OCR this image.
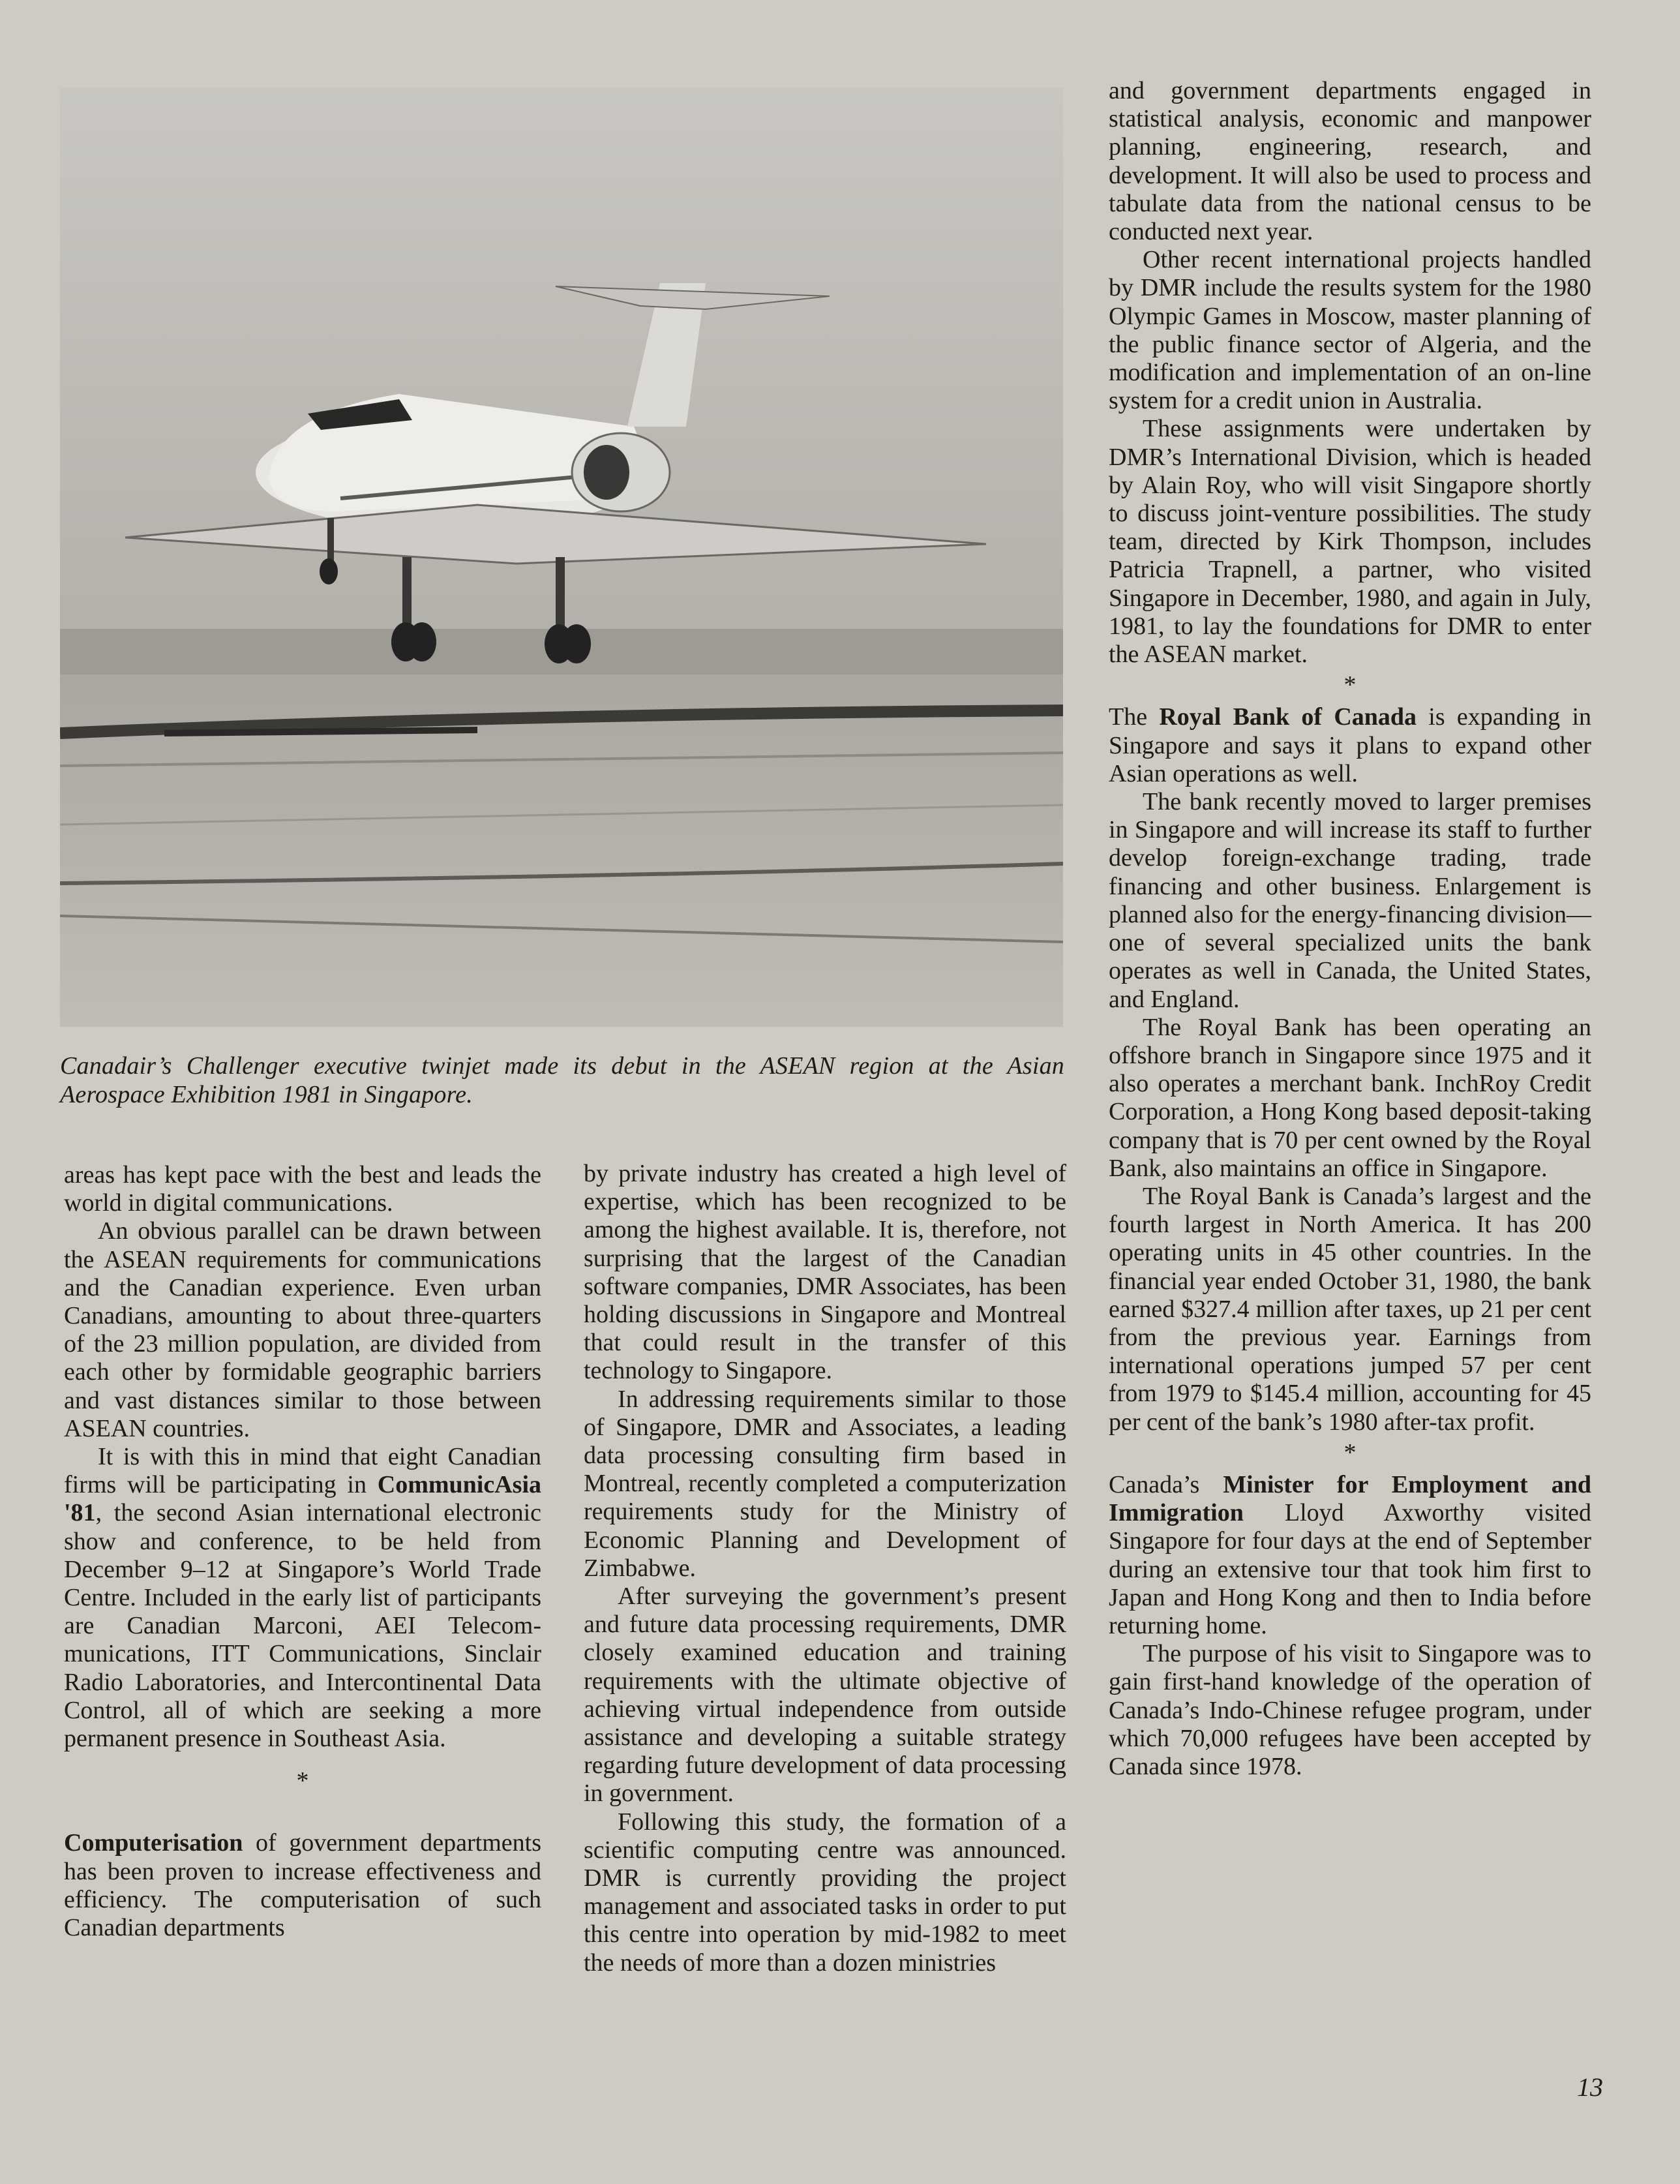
Canadair’s Challenger executive twinjet made its debut in the ASEAN region at the Asian Aerospace Exhibition 1981 in Singapore.

areas has kept pace with the best and leads the world in digital communications.

An obvious parallel can be drawn between the ASEAN requirements for communications and the Canadian experience. Even urban Canadians, amounting to about three-quarters of the 23 million population, are divided from each other by formidable geographic barriers and vast distances similar to those between ASEAN countries.

It is with this in mind that eight Canadian firms will be participating in CommunicAsia '81, the second Asian international electronic show and conference, to be held from December 9–12 at Singapore’s World Trade Centre. Included in the early list of participants are Canadian Marconi, AEI Telecommunications, ITT Communications, Sinclair Radio Laboratories, and Intercontinental Data Control, all of which are seeking a more permanent presence in Southeast Asia.

*

Computerisation of government departments has been proven to increase effectiveness and efficiency. The computerisation of such Canadian departments

by private industry has created a high level of expertise, which has been recognized to be among the highest available. It is, therefore, not surprising that the largest of the Canadian software companies, DMR Associates, has been holding discussions in Singapore and Montreal that could result in the transfer of this technology to Singapore.

In addressing requirements similar to those of Singapore, DMR and Associates, a leading data processing consulting firm based in Montreal, recently completed a computerization requirements study for the Ministry of Economic Planning and Development of Zimbabwe.

After surveying the government’s present and future data processing requirements, DMR closely examined education and training requirements with the ultimate objective of achieving virtual independence from outside assistance and developing a suitable strategy regarding future development of data processing in government.

Following this study, the formation of a scientific computing centre was announced. DMR is currently providing the project management and associated tasks in order to put this centre into operation by mid-1982 to meet the needs of more than a dozen ministries

and government departments engaged in statistical analysis, economic and manpower planning, engineering, research, and development. It will also be used to process and tabulate data from the national census to be conducted next year.

Other recent international projects handled by DMR include the results system for the 1980 Olympic Games in Moscow, master planning of the public finance sector of Algeria, and the modification and implementation of an on-line system for a credit union in Australia.

These assignments were undertaken by DMR’s International Division, which is headed by Alain Roy, who will visit Singapore shortly to discuss joint-venture possibilities. The study team, directed by Kirk Thompson, includes Patricia Trapnell, a partner, who visited Singapore in December, 1980, and again in July, 1981, to lay the foundations for DMR to enter the ASEAN market.

*

The Royal Bank of Canada is expanding in Singapore and says it plans to expand other Asian operations as well.

The bank recently moved to larger premises in Singapore and will increase its staff to further develop foreign-exchange trading, trade financing and other business. Enlargement is planned also for the energy-financing division— one of several specialized units the bank operates as well in Canada, the United States, and England.

The Royal Bank has been operating an offshore branch in Singapore since 1975 and it also operates a merchant bank. InchRoy Credit Corporation, a Hong Kong based deposit-taking company that is 70 per cent owned by the Royal Bank, also maintains an office in Singapore.

The Royal Bank is Canada’s largest and the fourth largest in North America. It has 200 operating units in 45 other countries. In the financial year ended October 31, 1980, the bank earned $327.4 million after taxes, up 21 per cent from the previous year. Earnings from international operations jumped 57 per cent from 1979 to $145.4 million, accounting for 45 per cent of the bank’s 1980 after-tax profit.

*

Canada’s Minister for Employment and Immigration Lloyd Axworthy visited Singapore for four days at the end of September during an extensive tour that took him first to Japan and Hong Kong and then to India before returning home.

The purpose of his visit to Singapore was to gain first-hand knowledge of the operation of Canada’s Indo-Chinese refugee program, under which 70,000 refugees have been accepted by Canada since 1978.

13
